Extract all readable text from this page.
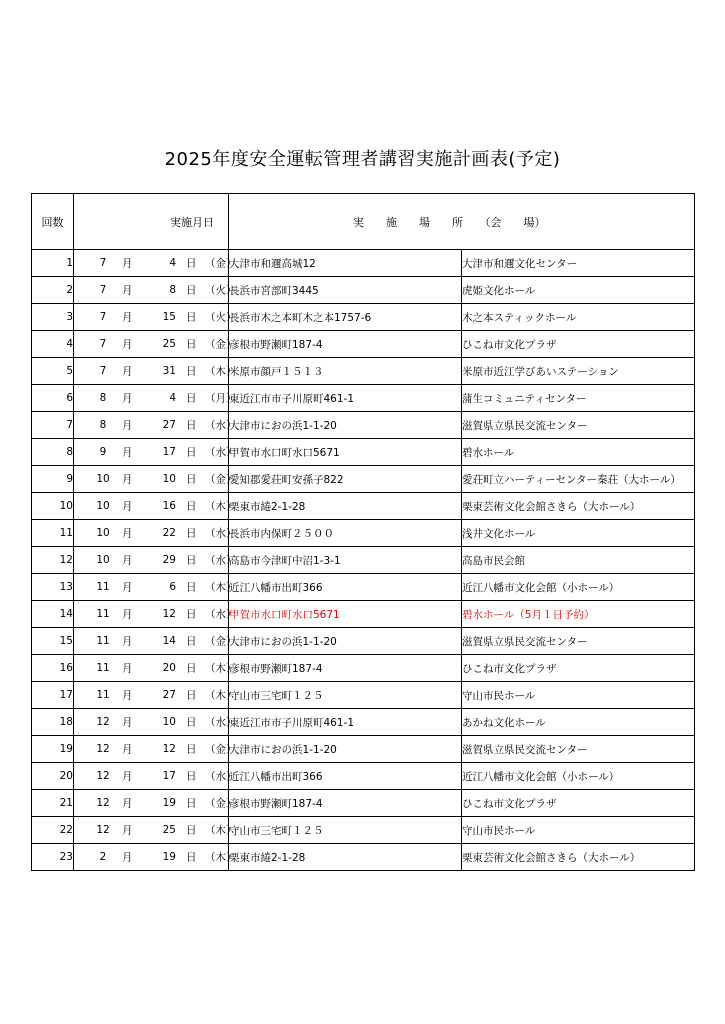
2025年度安全運転管理者講習実施計画表(予定)
回数	実施月日	実　　施　　場　　所　　（会　　場）	
1	7 月 4 日 （金）	大津市和邇高城12	大津市和邇文化センター
2	7 月 8 日 （火）	長浜市宮部町3445	虎姫文化ホール
3	7 月 15 日 （火）	長浜市木之本町木之本1757-6	木之本スティックホール
4	7 月 25 日 （金）	彦根市野瀬町187-4	ひこね市文化プラザ
5	7 月 31 日 （木）	米原市顔戸１５１３	米原市近江学びあいステーション
6	8 月 4 日 （月）	東近江市市子川原町461-1	蒲生コミュニティセンター
7	8 月 27 日 （水）	大津市におの浜1-1-20	滋賀県立県民交流センター
8	9 月 17 日 （水）	甲賀市水口町水口5671	碧水ホール
9	10 月 10 日 （金）	愛知郡愛荘町安孫子822	愛荘町立ハーティーセンター秦荘（大ホール）
10	10 月 16 日 （木）	栗東市綣2-1-28	栗東芸術文化会館さきら（大ホール）
11	10 月 22 日 （水）	長浜市内保町２５００	浅井文化ホール
12	10 月 29 日 （水）	高島市今津町中沼1-3-1	高島市民会館
13	11 月 6 日 （木）	近江八幡市出町366	近江八幡市文化会館（小ホール）
14	11 月 12 日 （水）	甲賀市水口町水口5671	碧水ホール（5月１日予約）
15	11 月 14 日 （金）	大津市におの浜1-1-20	滋賀県立県民交流センター
16	11 月 20 日 （木）	彦根市野瀬町187-4	ひこね市文化プラザ
17	11 月 27 日 （木）	守山市三宅町１２５	守山市民ホール
18	12 月 10 日 （水）	東近江市市子川原町461-1	あかね文化ホール
19	12 月 12 日 （金）	大津市におの浜1-1-20	滋賀県立県民交流センター
20	12 月 17 日 （水）	近江八幡市出町366	近江八幡市文化会館（小ホール）
21	12 月 19 日 （金）	彦根市野瀬町187-4	ひこね市文化プラザ
22	12 月 25 日 （木）	守山市三宅町１２５	守山市民ホール
23	2 月 19 日 （木）	栗東市綣2-1-28	栗東芸術文化会館さきら（大ホール）
